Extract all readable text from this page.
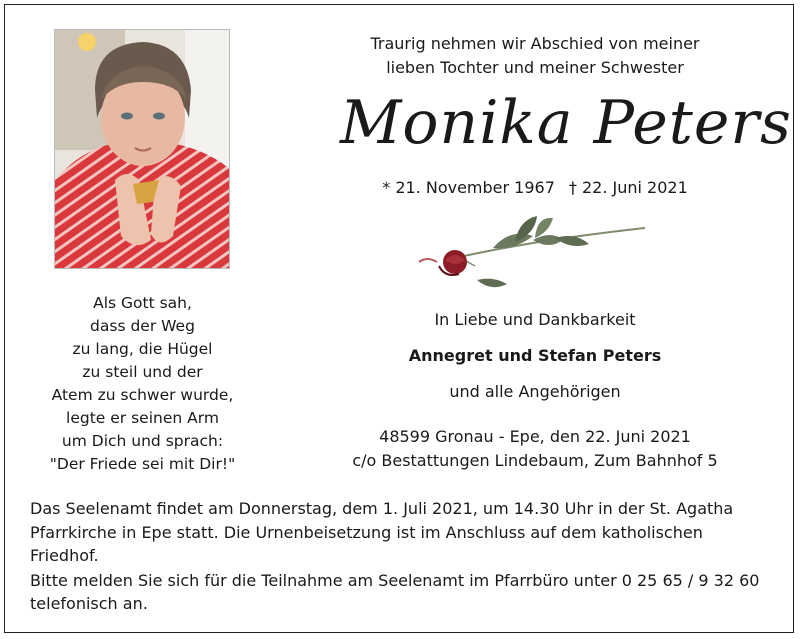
Traurig nehmen wir Abschied von meiner
lieben Tochter und meiner Schwester
Monika Peters
* 21. November 1967 † 22. Juni 2021
Als Gott sah,
dass der Weg
zu lang, die Hügel
zu steil und der
Atem zu schwer wurde,
legte er seinen Arm
um Dich und sprach:
"Der Friede sei mit Dir!"
In Liebe und Dankbarkeit
Annegret und Stefan Peters
und alle Angehörigen
48599 Gronau - Epe, den 22. Juni 2021
c/o Bestattungen Lindebaum, Zum Bahnhof 5

Das Seelenamt findet am Donnerstag, dem 1. Juli 2021, um 14.30 Uhr in der St. Agatha Pfarrkirche in Epe statt. Die Urnenbeisetzung ist im Anschluss auf dem katholischen Friedhof.

Bitte melden Sie sich für die Teilnahme am Seelenamt im Pfarrbüro unter 0 25 65 / 9 32 60 telefonisch an.
